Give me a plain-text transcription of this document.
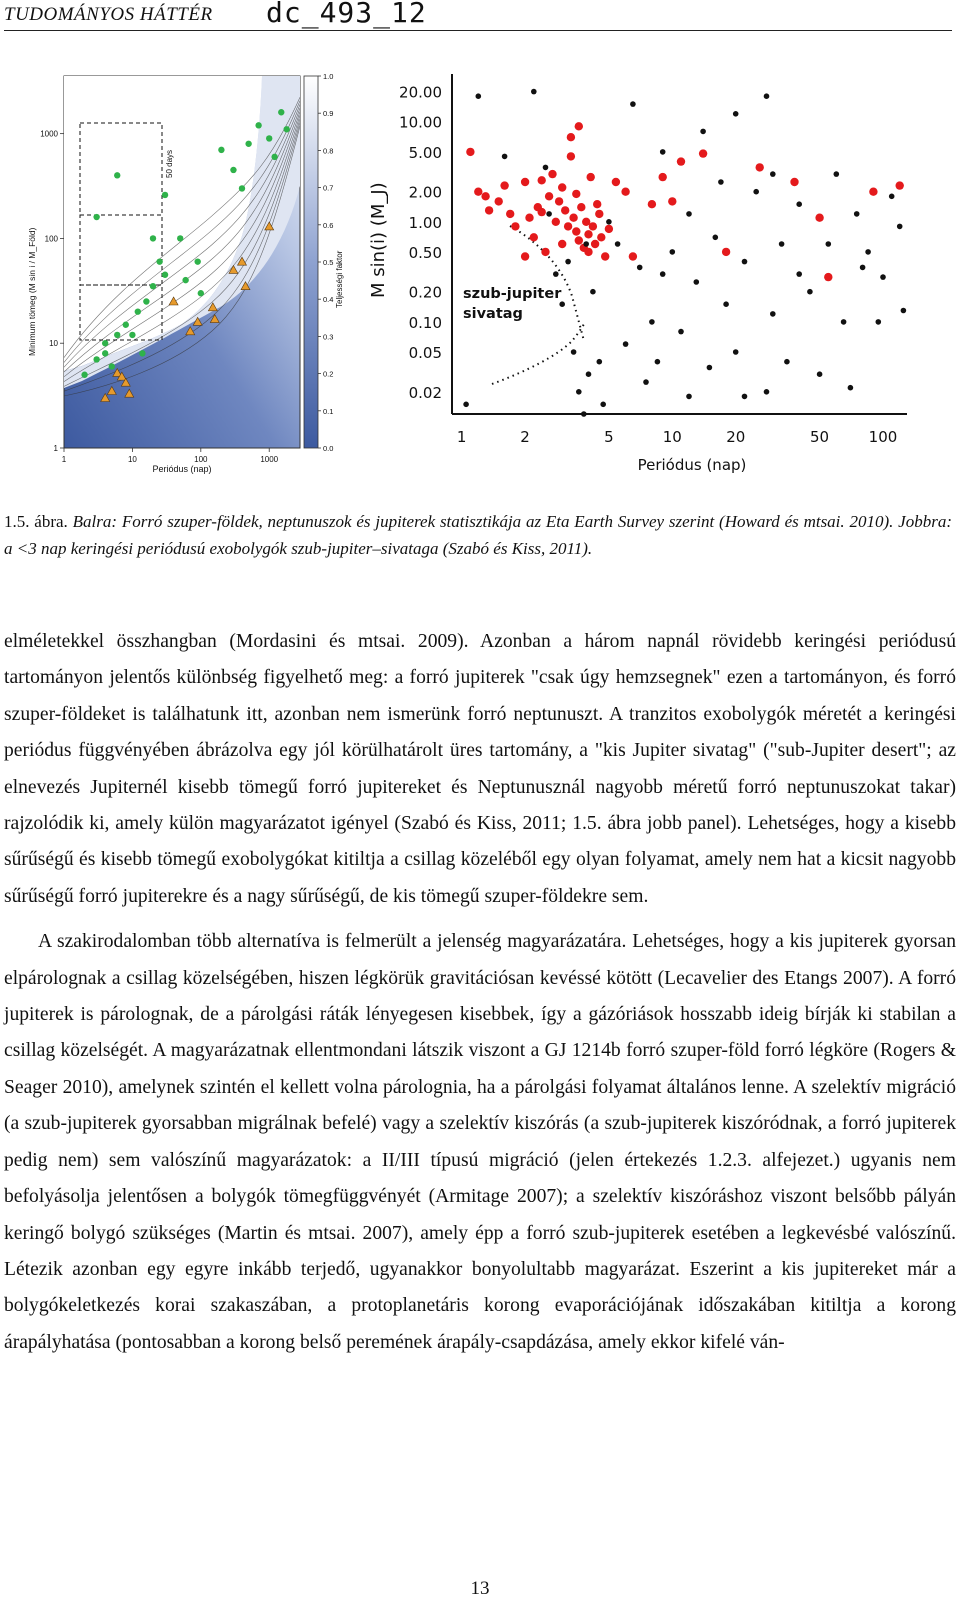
TUDOMÁNYOS HÁTTÉR dc_493_12
50 days
1	10	100	1000
1
10
100
1000
Periódus (nap)
Minimum tömeg (M sin i / M_Föld)
1.0
0.9
0.8
0.7
0.6
0.5
0.4
0.3
0.2
0.1
0.0
Teljességi faktor
20.00
10.00
5.00
2.00
1.00
0.50
0.20
0.10
0.05
0.02
1	2	5	10	20	50	100
M sin(i) (M_J)
Periódus (nap)
szub-jupiter
sivatag
1.5. ábra. Balra: Forró szuper-földek, neptunuszok és jupiterek statisztikája az Eta Earth Survey szerint (Howard és mtsai. 2010). Jobbra: a <3 nap keringési periódusú exobolygók szub-jupiter–sivataga (Szabó és Kiss, 2011).

elméletekkel összhangban (Mordasini és mtsai. 2009). Azonban a három napnál rövidebb keringési periódusú tartományon jelentős különbség figyelhető meg: a forró jupiterek "csak úgy hemzsegnek" ezen a tartományon, és forró szuper-földeket is találhatunk itt, azonban nem ismerünk forró neptunuszt. A tranzitos exobolygók méretét a keringési periódus függvényében ábrázolva egy jól körülhatárolt üres tartomány, a "kis Jupiter sivatag" ("sub-Jupiter desert"; az elnevezés Jupiternél kisebb tömegű forró jupitereket és Neptunusznál nagyobb méretű forró neptunuszokat takar) rajzolódik ki, amely külön magyarázatot igényel (Szabó és Kiss, 2011; 1.5. ábra jobb panel). Lehetséges, hogy a kisebb sűrűségű és kisebb tömegű exobolygókat kitiltja a csillag közeléből egy olyan folyamat, amely nem hat a kicsit nagyobb sűrűségű forró jupiterekre és a nagy sűrűségű, de kis tömegű szuper-földekre sem.

A szakirodalomban több alternatíva is felmerült a jelenség magyarázatára. Lehetséges, hogy a kis jupiterek gyorsan elpárolognak a csillag közelségében, hiszen légkörük gravitációsan kevéssé kötött (Lecavelier des Etangs 2007). A forró jupiterek is párolognak, de a párolgási ráták lényegesen kisebbek, így a gázóriások hosszabb ideig bírják ki stabilan a csillag közelségét. A magyarázatnak ellentmondani látszik viszont a GJ 1214b forró szuper-föld forró légköre (Rogers & Seager 2010), amelynek szintén el kellett volna párolognia, ha a párolgási folyamat általános lenne. A szelektív migráció (a szub-jupiterek gyorsabban migrálnak befelé) vagy a szelektív kiszórás (a szub-jupiterek kiszóródnak, a forró jupiterek pedig nem) sem valószínű magyarázatok: a II/III típusú migráció (jelen értekezés 1.2.3. alfejezet.) ugyanis nem befolyásolja jelentősen a bolygók tömegfüggvényét (Armitage 2007); a szelektív kiszóráshoz viszont belsőbb pályán keringő bolygó szükséges (Martin és mtsai. 2007), amely épp a forró szub-jupiterek esetében a legkevésbé valószínű. Létezik azonban egy egyre inkább terjedő, ugyanakkor bonyolultabb magyarázat. Eszerint a kis jupitereket már a bolygókeletkezés korai szakaszában, a protoplanetáris korong evaporációjának időszakában kitiltja a korong árapályhatása (pontosabban a korong belső peremének árapály-csapdázása, amely ekkor kifelé ván-

13
